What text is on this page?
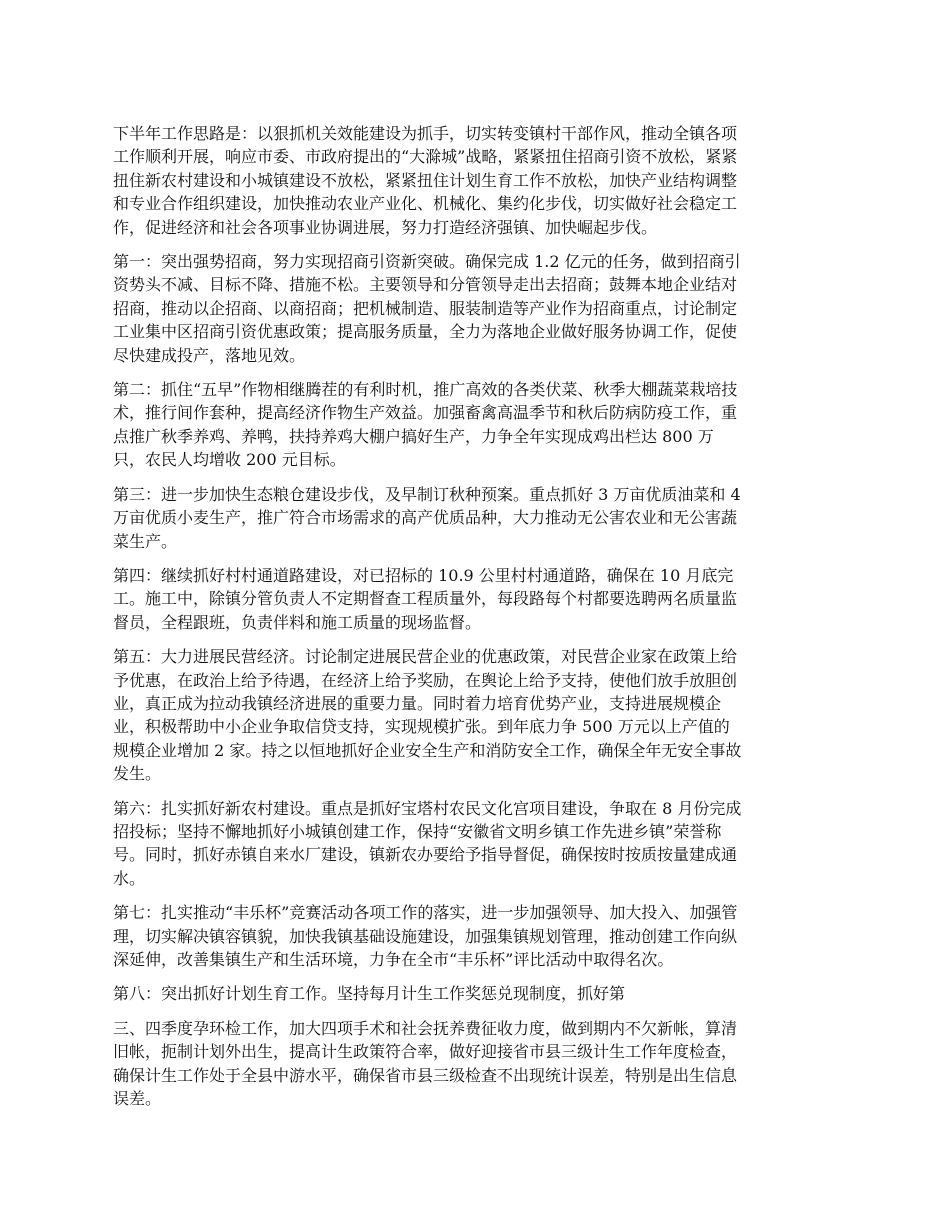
下半年工作思路是：以狠抓机关效能建设为抓手，切实转变镇村干部作风，推动全镇各项
工作顺利开展，响应市委、市政府提出的“大滁城”战略，紧紧扭住招商引资不放松，紧紧
扭住新农村建设和小城镇建设不放松，紧紧扭住计划生育工作不放松，加快产业结构调整
和专业合作组织建设，加快推动农业产业化、机械化、集约化步伐，切实做好社会稳定工
作，促进经济和社会各项事业协调进展，努力打造经济强镇、加快崛起步伐。

第一：突出强势招商，努力实现招商引资新突破。确保完成 1.2 亿元的任务，做到招商引
资势头不减、目标不降、措施不松。主要领导和分管领导走出去招商；鼓舞本地企业结对
招商，推动以企招商、以商招商；把机械制造、服装制造等产业作为招商重点，讨论制定
工业集中区招商引资优惠政策；提高服务质量，全力为落地企业做好服务协调工作，促使
尽快建成投产，落地见效。

第二：抓住“五早”作物相继腾茬的有利时机，推广高效的各类伏菜、秋季大棚蔬菜栽培技
术，推行间作套种，提高经济作物生产效益。加强畜禽高温季节和秋后防病防疫工作，重
点推广秋季养鸡、养鸭，扶持养鸡大棚户搞好生产，力争全年实现成鸡出栏达 800 万
只，农民人均增收 200 元目标。

第三：进一步加快生态粮仓建设步伐，及早制订秋种预案。重点抓好 3 万亩优质油菜和 4
万亩优质小麦生产，推广符合市场需求的高产优质品种，大力推动无公害农业和无公害蔬
菜生产。

第四：继续抓好村村通道路建设，对已招标的 10.9 公里村村通道路，确保在 10 月底完
工。施工中，除镇分管负责人不定期督查工程质量外，每段路每个村都要选聘两名质量监
督员，全程跟班，负责伴料和施工质量的现场监督。

第五：大力进展民营经济。讨论制定进展民营企业的优惠政策，对民营企业家在政策上给
予优惠，在政治上给予待遇，在经济上给予奖励，在舆论上给予支持，使他们放手放胆创
业，真正成为拉动我镇经济进展的重要力量。同时着力培育优势产业，支持进展规模企
业，积极帮助中小企业争取信贷支持，实现规模扩张。到年底力争 500 万元以上产值的
规模企业增加 2 家。持之以恒地抓好企业安全生产和消防安全工作，确保全年无安全事故
发生。

第六：扎实抓好新农村建设。重点是抓好宝塔村农民文化宫项目建设，争取在 8 月份完成
招投标；坚持不懈地抓好小城镇创建工作，保持“安徽省文明乡镇工作先进乡镇”荣誉称
号。同时，抓好赤镇自来水厂建设，镇新农办要给予指导督促，确保按时按质按量建成通
水。

第七：扎实推动“丰乐杯”竞赛活动各项工作的落实，进一步加强领导、加大投入、加强管
理，切实解决镇容镇貌，加快我镇基础设施建设，加强集镇规划管理，推动创建工作向纵
深延伸，改善集镇生产和生活环境，力争在全市“丰乐杯”评比活动中取得名次。

第八：突出抓好计划生育工作。坚持每月计生工作奖惩兑现制度，抓好第

三、四季度孕环检工作，加大四项手术和社会抚养费征收力度，做到期内不欠新帐，算清
旧帐，扼制计划外出生，提高计生政策符合率，做好迎接省市县三级计生工作年度检查，
确保计生工作处于全县中游水平，确保省市县三级检查不出现统计误差，特别是出生信息
误差。
